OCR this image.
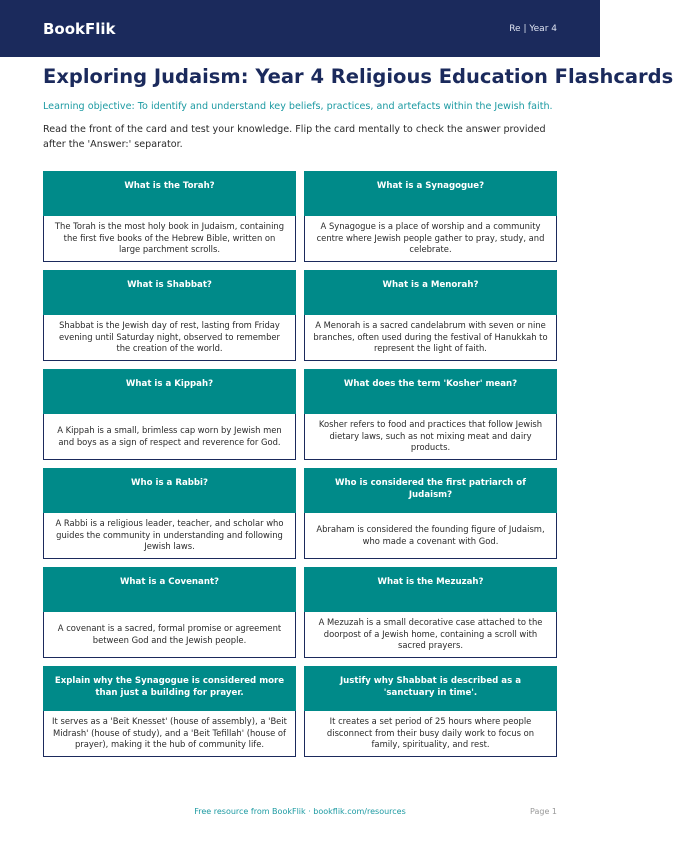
BookFlik	Re | Year 4
Exploring Judaism: Year 4 Religious Education Flashcards

Learning objective: To identify and understand key beliefs, practices, and artefacts within the Jewish faith.

Read the front of the card and test your knowledge. Flip the card mentally to check the answer provided after the 'Answer:' separator.

What is the Torah?
The Torah is the most holy book in Judaism, containing the first five books of the Hebrew Bible, written on large parchment scrolls.
What is a Synagogue?
A Synagogue is a place of worship and a community centre where Jewish people gather to pray, study, and celebrate.
What is Shabbat?
Shabbat is the Jewish day of rest, lasting from Friday evening until Saturday night, observed to remember the creation of the world.
What is a Menorah?
A Menorah is a sacred candelabrum with seven or nine branches, often used during the festival of Hanukkah to represent the light of faith.
What is a Kippah?
A Kippah is a small, brimless cap worn by Jewish men and boys as a sign of respect and reverence for God.
What does the term 'Kosher' mean?
Kosher refers to food and practices that follow Jewish dietary laws, such as not mixing meat and dairy products.
Who is a Rabbi?
A Rabbi is a religious leader, teacher, and scholar who guides the community in understanding and following Jewish laws.
Who is considered the first patriarch of Judaism?
Abraham is considered the founding figure of Judaism, who made a covenant with God.
What is a Covenant?
A covenant is a sacred, formal promise or agreement between God and the Jewish people.
What is the Mezuzah?
A Mezuzah is a small decorative case attached to the doorpost of a Jewish home, containing a scroll with sacred prayers.
Explain why the Synagogue is considered more than just a building for prayer.
It serves as a 'Beit Knesset' (house of assembly), a 'Beit Midrash' (house of study), and a 'Beit Tefillah' (house of prayer), making it the hub of community life.
Justify why Shabbat is described as a 'sanctuary in time'.
It creates a set period of 25 hours where people disconnect from their busy daily work to focus on family, spirituality, and rest.
Free resource from BookFlik · bookflik.com/resources	Page 1
